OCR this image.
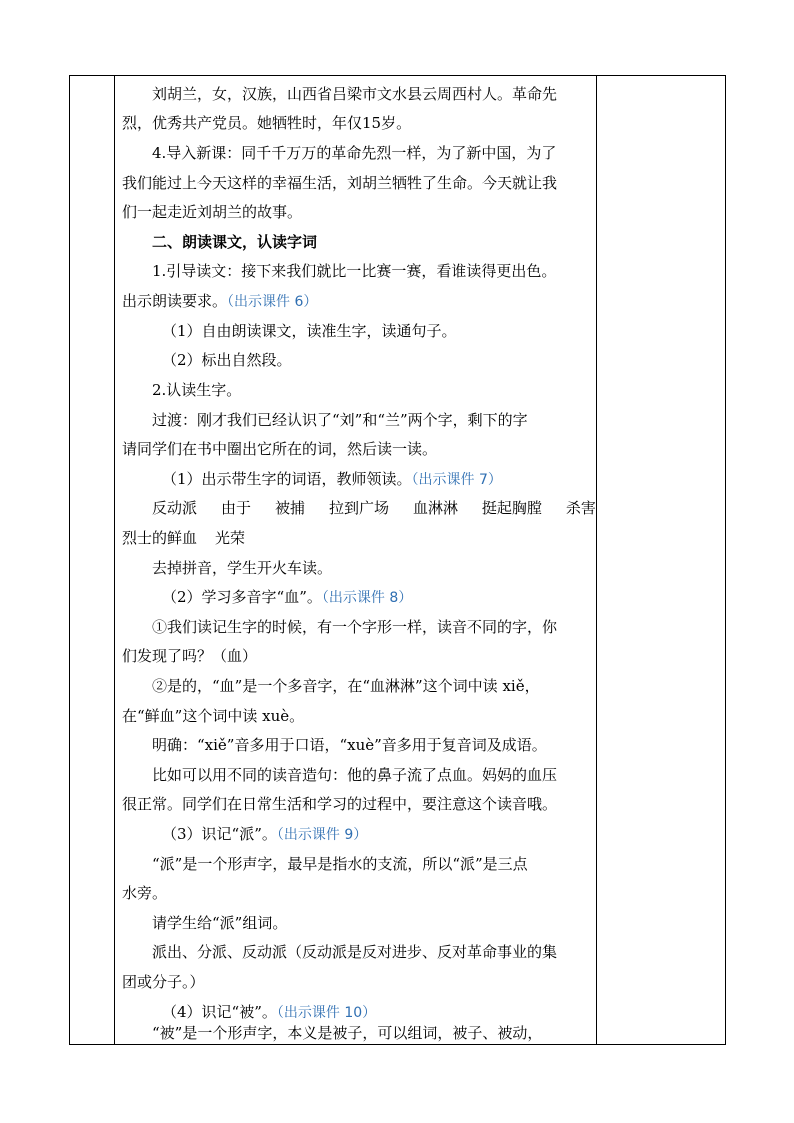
刘胡兰，女，汉族，山西省吕梁市文水县云周西村人。革命先
烈，优秀共产党员。她牺牲时，年仅15岁。
4.导入新课：同千千万万的革命先烈一样，为了新中国，为了
我们能过上今天这样的幸福生活，刘胡兰牺牲了生命。今天就让我
们一起走近刘胡兰的故事。
二、朗读课文，认读字词
1.引导读文：接下来我们就比一比赛一赛，看谁读得更出色。
出示朗读要求。（出示课件 6）
（1）自由朗读课文，读准生字，读通句子。
（2）标出自然段。
2.认读生字。
过渡：刚才我们已经认识了“刘”和“兰”两个字，剩下的字
请同学们在书中圈出它所在的词，然后读一读。
（1）出示带生字的词语，教师领读。（出示课件 7）
反动派 由于 被捕 拉到广场 血淋淋 挺起胸膛 杀害
烈士的鲜血 光荣
去掉拼音，学生开火车读。
（2）学习多音字“血”。（出示课件 8）
①我们读记生字的时候，有一个字形一样，读音不同的字，你
们发现了吗？（血）
②是的，“血”是一个多音字，在“血淋淋”这个词中读 xiě，
在“鲜血”这个词中读 xuè。
明确：“xiě”音多用于口语，“xuè”音多用于复音词及成语。
比如可以用不同的读音造句：他的鼻子流了点血。妈妈的血压
很正常。同学们在日常生活和学习的过程中，要注意这个读音哦。
（3）识记“派”。（出示课件 9）
“派”是一个形声字，最早是指水的支流，所以“派”是三点
水旁。
请学生给“派”组词。
派出、分派、反动派（反动派是反对进步、反对革命事业的集
团或分子。）
（4）识记“被”。（出示课件 10）
“被”是一个形声字，本义是被子，可以组词，被子、被动，
